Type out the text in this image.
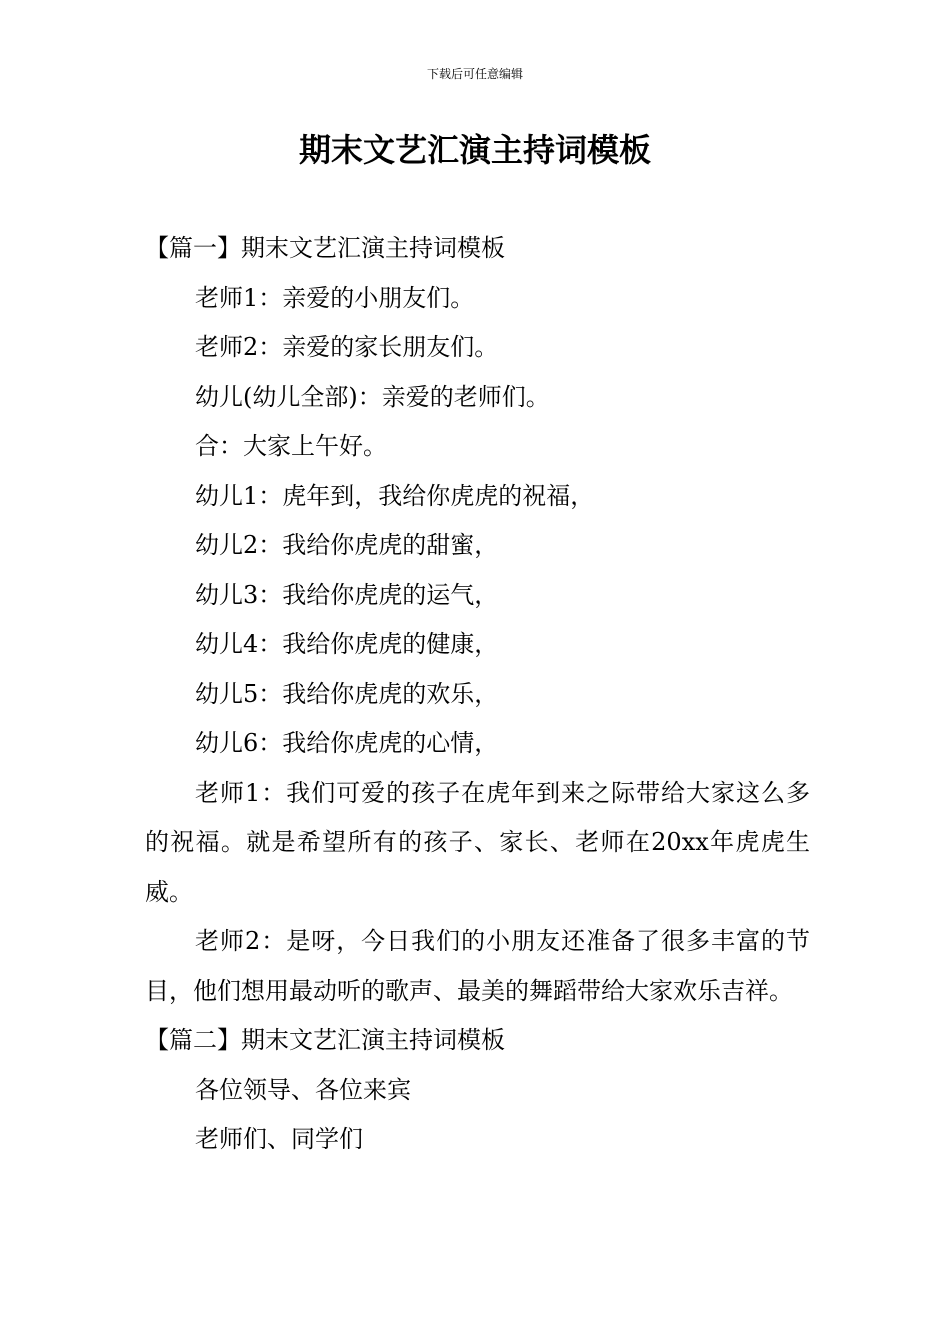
下载后可任意编辑
期末文艺汇演主持词模板

【篇一】期末文艺汇演主持词模板

老师1：亲爱的小朋友们。

老师2：亲爱的家长朋友们。

幼儿(幼儿全部)：亲爱的老师们。

合：大家上午好。

幼儿1：虎年到，我给你虎虎的祝福，

幼儿2：我给你虎虎的甜蜜，

幼儿3：我给你虎虎的运气，

幼儿4：我给你虎虎的健康，

幼儿5：我给你虎虎的欢乐，

幼儿6：我给你虎虎的心情，

老师1：我们可爱的孩子在虎年到来之际带给大家这么多的祝福。就是希望所有的孩子、家长、老师在20xx年虎虎生威。

老师2：是呀，今日我们的小朋友还准备了很多丰富的节目，他们想用最动听的歌声、最美的舞蹈带给大家欢乐吉祥。

【篇二】期末文艺汇演主持词模板

各位领导、各位来宾

老师们、同学们
